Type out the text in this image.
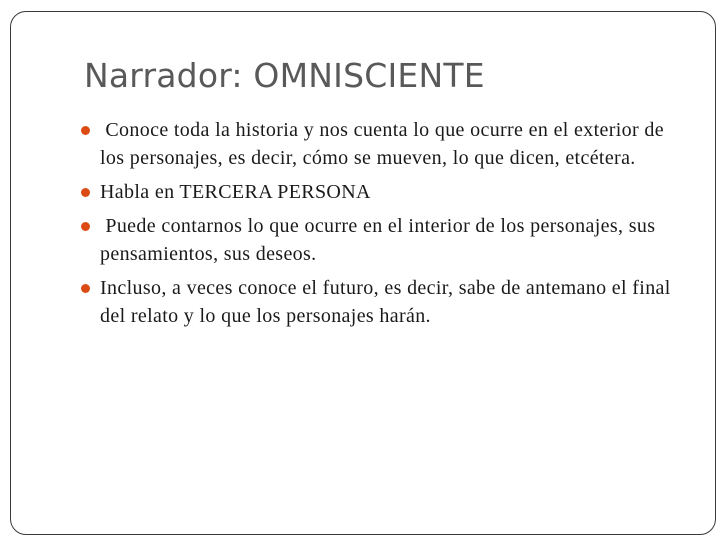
Narrador: OMNISCIENTE
Conoce toda la historia y nos cuenta lo que ocurre en el exterior de los personajes, es decir, cómo se mueven, lo que dicen, etcétera.
Habla en TERCERA PERSONA
Puede contarnos lo que ocurre en el interior de los personajes, sus pensamientos, sus deseos.
Incluso, a veces conoce el futuro, es decir, sabe de antemano el final del relato y lo que los personajes harán.
